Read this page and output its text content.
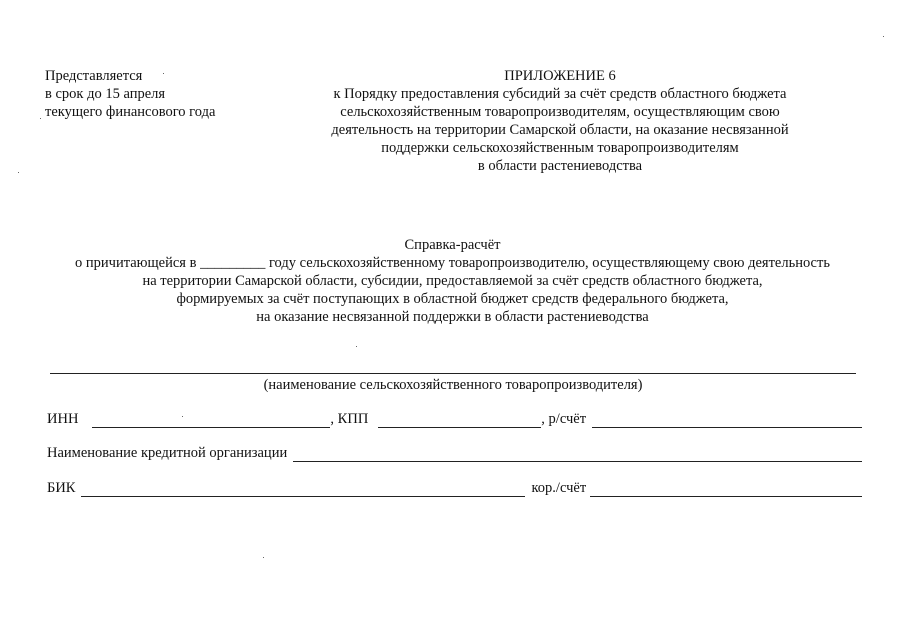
Представляется
в срок до 15 апреля
текущего финансового года
ПРИЛОЖЕНИЕ 6
к Порядку предоставления субсидий за счёт средств областного бюджета
сельскохозяйственным товаропроизводителям, осуществляющим свою
деятельность на территории Самарской области, на оказание несвязанной
поддержки сельскохозяйственным товаропроизводителям
в области растениеводства
Справка-расчёт
о причитающейся в _________ году сельскохозяйственному товаропроизводителю, осуществляющему свою деятельность
на территории Самарской области, субсидии, предоставляемой за счёт средств областного бюджета,
формируемых за счёт поступающих в областной бюджет средств федерального бюджета,
на оказание несвязанной поддержки в области растениеводства
(наименование сельскохозяйственного товаропроизводителя)
ИНН	, КПП	, р/счёт
Наименование кредитной организации
БИК	кор./счёт
